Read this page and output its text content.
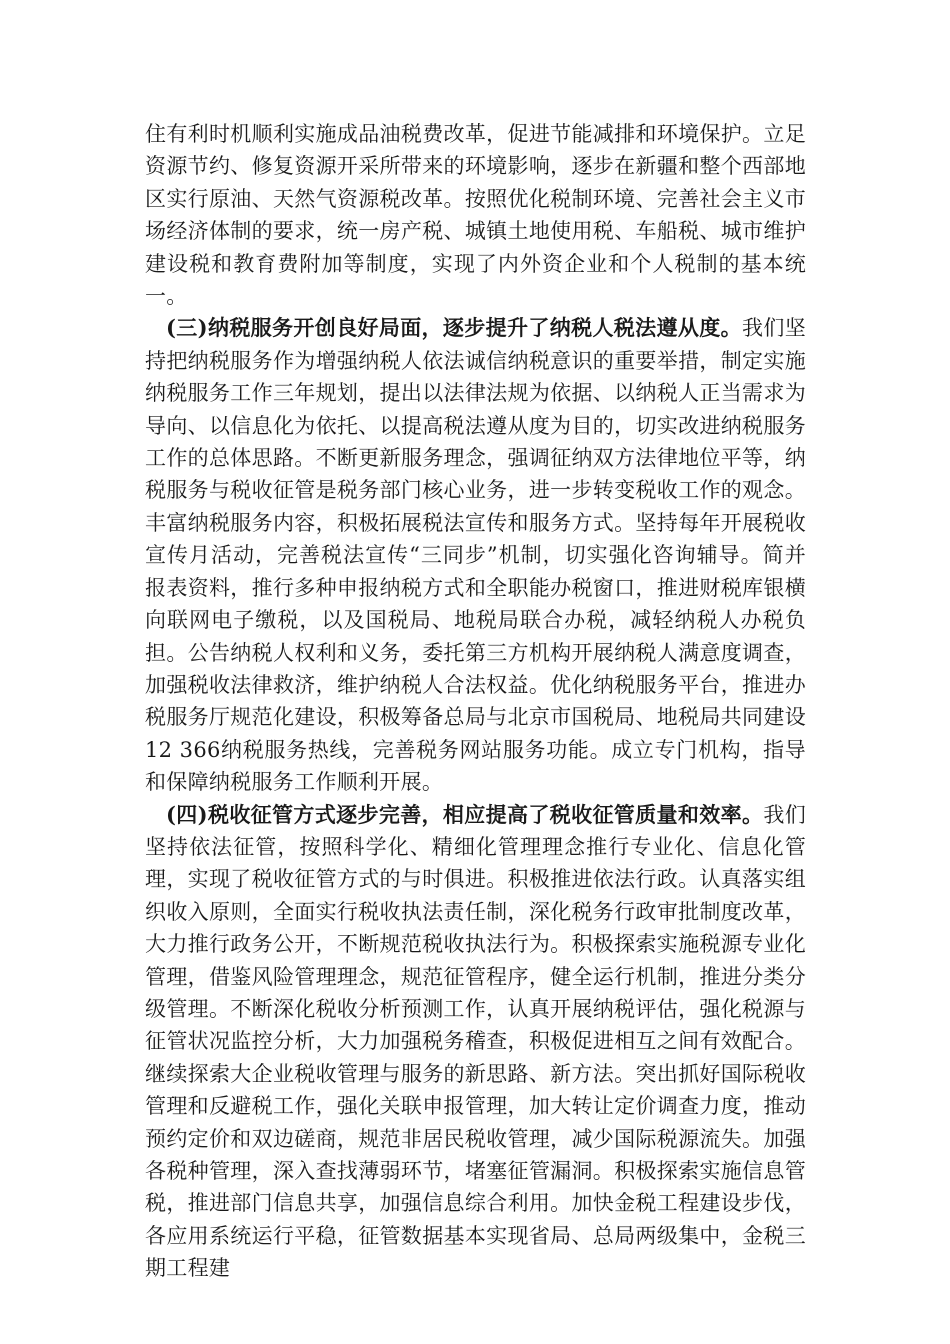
住有利时机顺利实施成品油税费改革，促进节能减排和环境保护。立足资源节约、修复资源开采所带来的环境影响，逐步在新疆和整个西部地区实行原油、天然气资源税改革。按照优化税制环境、完善社会主义市场经济体制的要求，统一房产税、城镇土地使用税、车船税、城市维护建设税和教育费附加等制度，实现了内外资企业和个人税制的基本统一。

(三)纳税服务开创良好局面，逐步提升了纳税人税法遵从度。我们坚持把纳税服务作为增强纳税人依法诚信纳税意识的重要举措，制定实施纳税服务工作三年规划，提出以法律法规为依据、以纳税人正当需求为导向、以信息化为依托、以提高税法遵从度为目的，切实改进纳税服务工作的总体思路。不断更新服务理念，强调征纳双方法律地位平等，纳税服务与税收征管是税务部门核心业务，进一步转变税收工作的观念。丰富纳税服务内容，积极拓展税法宣传和服务方式。坚持每年开展税收宣传月活动，完善税法宣传“三同步”机制，切实强化咨询辅导。简并报表资料，推行多种申报纳税方式和全职能办税窗口，推进财税库银横向联网电子缴税，以及国税局、地税局联合办税，减轻纳税人办税负担。公告纳税人权利和义务，委托第三方机构开展纳税人满意度调查，加强税收法律救济，维护纳税人合法权益。优化纳税服务平台，推进办税服务厅规范化建设，积极筹备总局与北京市国税局、地税局共同建设12 366纳税服务热线，完善税务网站服务功能。成立专门机构，指导和保障纳税服务工作顺利开展。

(四)税收征管方式逐步完善，相应提高了税收征管质量和效率。我们坚持依法征管，按照科学化、精细化管理理念推行专业化、信息化管理，实现了税收征管方式的与时俱进。积极推进依法行政。认真落实组织收入原则，全面实行税收执法责任制，深化税务行政审批制度改革，大力推行政务公开，不断规范税收执法行为。积极探索实施税源专业化管理，借鉴风险管理理念，规范征管程序，健全运行机制，推进分类分级管理。不断深化税收分析预测工作，认真开展纳税评估，强化税源与征管状况监控分析，大力加强税务稽查，积极促进相互之间有效配合。继续探索大企业税收管理与服务的新思路、新方法。突出抓好国际税收管理和反避税工作，强化关联申报管理，加大转让定价调查力度，推动预约定价和双边磋商，规范非居民税收管理，减少国际税源流失。加强各税种管理，深入查找薄弱环节，堵塞征管漏洞。积极探索实施信息管税，推进部门信息共享，加强信息综合利用。加快金税工程建设步伐，各应用系统运行平稳，征管数据基本实现省局、总局两级集中，金税三期工程建
